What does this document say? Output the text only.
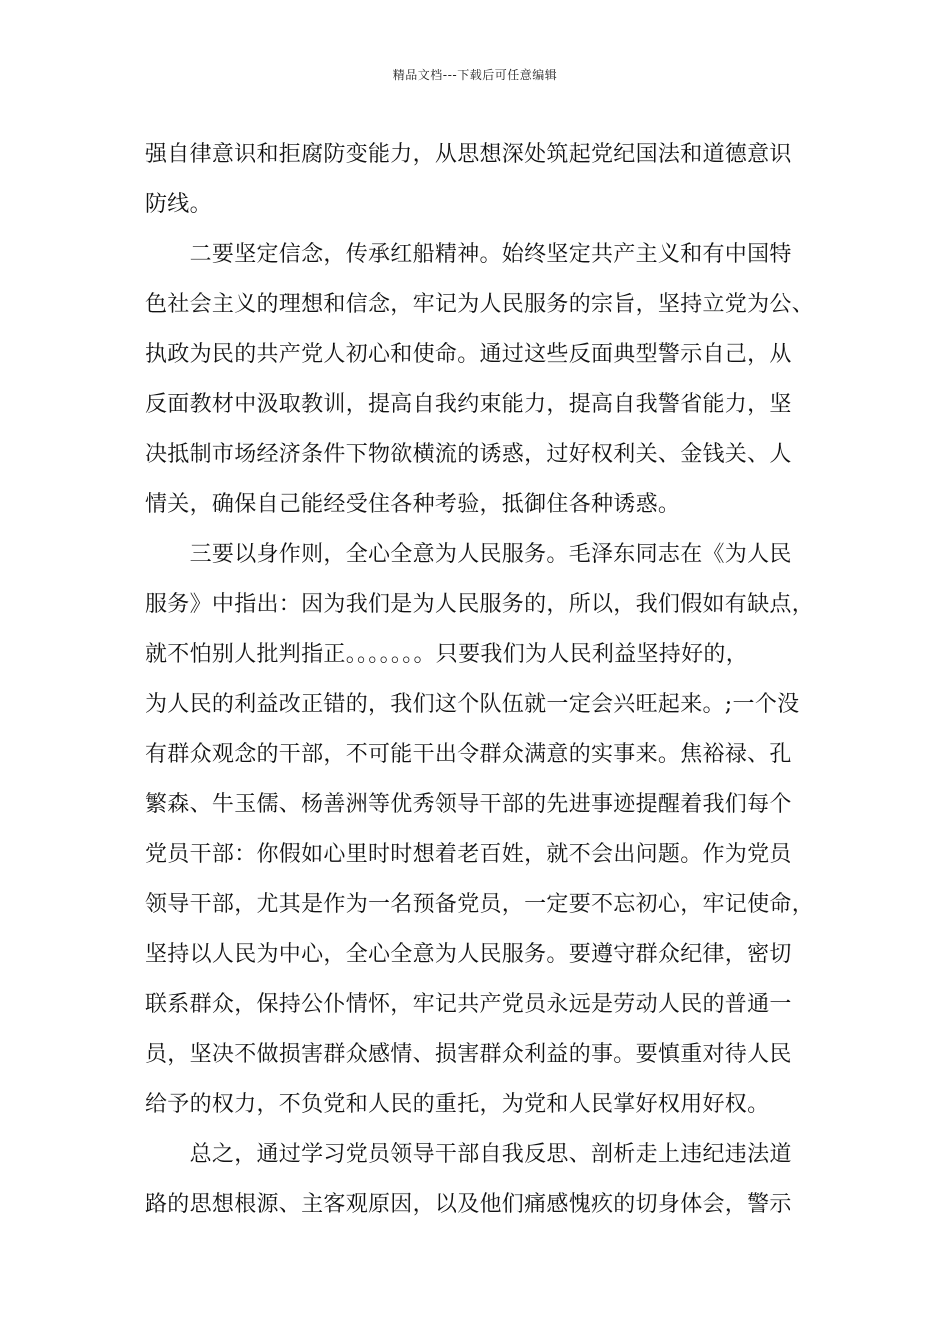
精品文档---下载后可任意编辑
强自律意识和拒腐防变能力，从思想深处筑起党纪国法和道德意识
防线。
　　二要坚定信念，传承红船精神。始终坚定共产主义和有中国特
色社会主义的理想和信念，牢记为人民服务的宗旨，坚持立党为公、
执政为民的共产党人初心和使命。通过这些反面典型警示自己，从
反面教材中汲取教训，提高自我约束能力，提高自我警省能力，坚
决抵制市场经济条件下物欲横流的诱惑，过好权利关、金钱关、人
情关，确保自己能经受住各种考验，抵御住各种诱惑。
　　三要以身作则，全心全意为人民服务。毛泽东同志在《为人民
服务》中指出：因为我们是为人民服务的，所以，我们假如有缺点，
就不怕别人批判指正。。。。。。。只要我们为人民利益坚持好的，
为人民的利益改正错的，我们这个队伍就一定会兴旺起来。;一个没
有群众观念的干部，不可能干出令群众满意的实事来。焦裕禄、孔
繁森、牛玉儒、杨善洲等优秀领导干部的先进事迹提醒着我们每个
党员干部：你假如心里时时想着老百姓，就不会出问题。作为党员
领导干部，尤其是作为一名预备党员，一定要不忘初心，牢记使命，
坚持以人民为中心，全心全意为人民服务。要遵守群众纪律，密切
联系群众，保持公仆情怀，牢记共产党员永远是劳动人民的普通一
员，坚决不做损害群众感情、损害群众利益的事。要慎重对待人民
给予的权力，不负党和人民的重托，为党和人民掌好权用好权。
　　总之，通过学习党员领导干部自我反思、剖析走上违纪违法道
路的思想根源、主客观原因，以及他们痛感愧疚的切身体会，警示
